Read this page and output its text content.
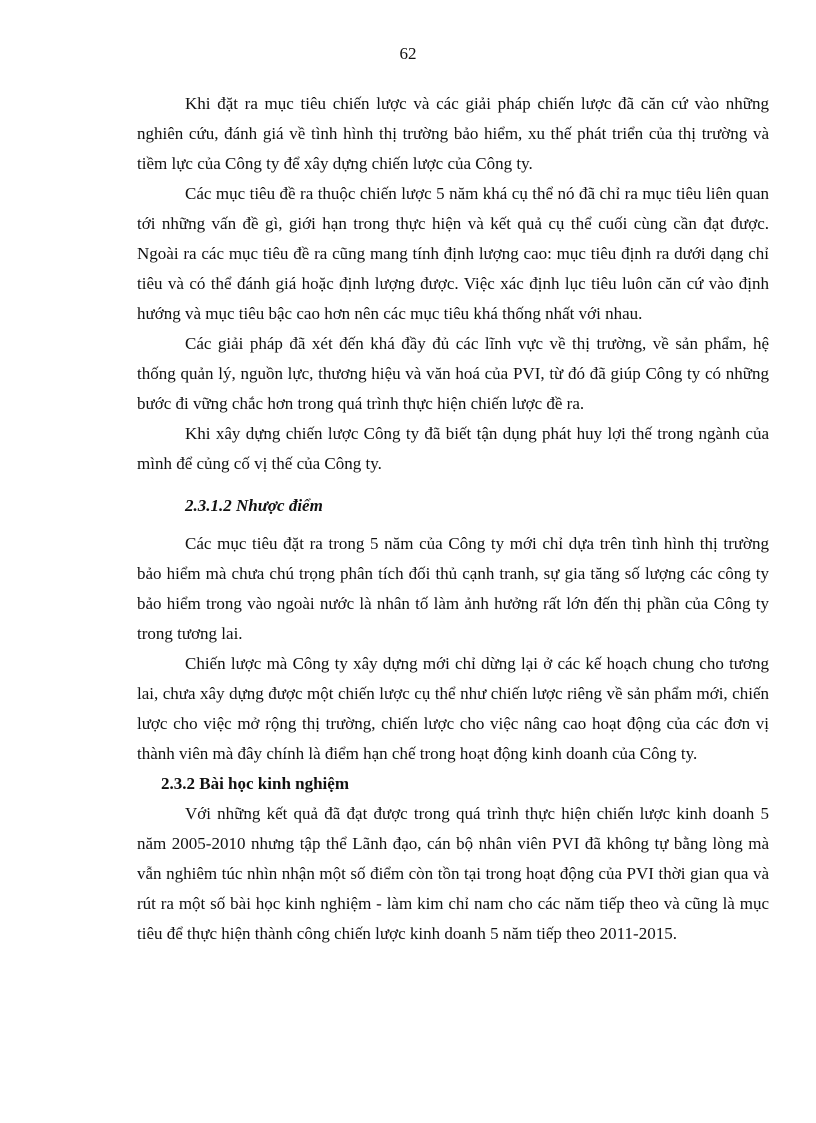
62

Khi đặt ra mục tiêu chiến lược và các giải pháp chiến lược đã căn cứ vào những nghiên cứu, đánh giá về tình hình thị trường bảo hiểm, xu thế phát triển của thị trường và tiềm lực của Công ty để xây dựng chiến lược của Công ty.

Các mục tiêu đề ra thuộc chiến lược 5 năm khá cụ thể nó đã chỉ ra mục tiêu liên quan tới những vấn đề gì, giới hạn trong thực hiện và kết quả cụ thể cuối cùng cần đạt được. Ngoài ra các mục tiêu đề ra cũng mang tính định lượng cao: mục tiêu định ra dưới dạng chỉ tiêu và có thể đánh giá hoặc định lượng được. Việc xác định lục tiêu luôn căn cứ vào định hướng và mục tiêu bậc cao hơn nên các mục tiêu khá thống nhất với nhau.

Các giải pháp đã xét đến khá đầy đủ các lĩnh vực về thị trường, về sản phẩm, hệ thống quản lý, nguồn lực, thương hiệu và văn hoá của PVI, từ đó đã giúp Công ty có những bước đi vững chắc hơn trong quá trình thực hiện chiến lược đề ra.

Khi xây dựng chiến lược Công ty đã biết tận dụng phát huy lợi thế trong ngành của mình để củng cố vị thế của Công ty.

2.3.1.2 Nhược điểm

Các mục tiêu đặt ra trong 5 năm của Công ty mới chỉ dựa trên tình hình thị trường bảo hiểm mà chưa chú trọng phân tích đối thủ cạnh tranh, sự gia tăng số lượng các công ty bảo hiểm trong vào ngoài nước là nhân tố làm ảnh hưởng rất lớn đến thị phần của Công ty trong tương lai.

Chiến lược mà Công ty xây dựng mới chỉ dừng lại ở các kế hoạch chung cho tương lai, chưa xây dựng được một chiến lược cụ thể như chiến lược riêng về sản phẩm mới, chiến lược cho việc mở rộng thị trường, chiến lược cho việc nâng cao hoạt động của các đơn vị thành viên mà đây chính là điểm hạn chế trong hoạt động kinh doanh của Công ty.

2.3.2 Bài học kinh nghiệm

Với những kết quả đã đạt được trong quá trình thực hiện chiến lược kinh doanh 5 năm 2005-2010 nhưng tập thể Lãnh đạo, cán bộ nhân viên PVI đã không tự bằng lòng mà vẫn nghiêm túc nhìn nhận một số điểm còn tồn tại trong hoạt động của PVI thời gian qua và rút ra một số bài học kinh nghiệm - làm kim chỉ nam cho các năm tiếp theo và cũng là mục tiêu để thực hiện thành công chiến lược kinh doanh 5 năm tiếp theo 2011-2015.
